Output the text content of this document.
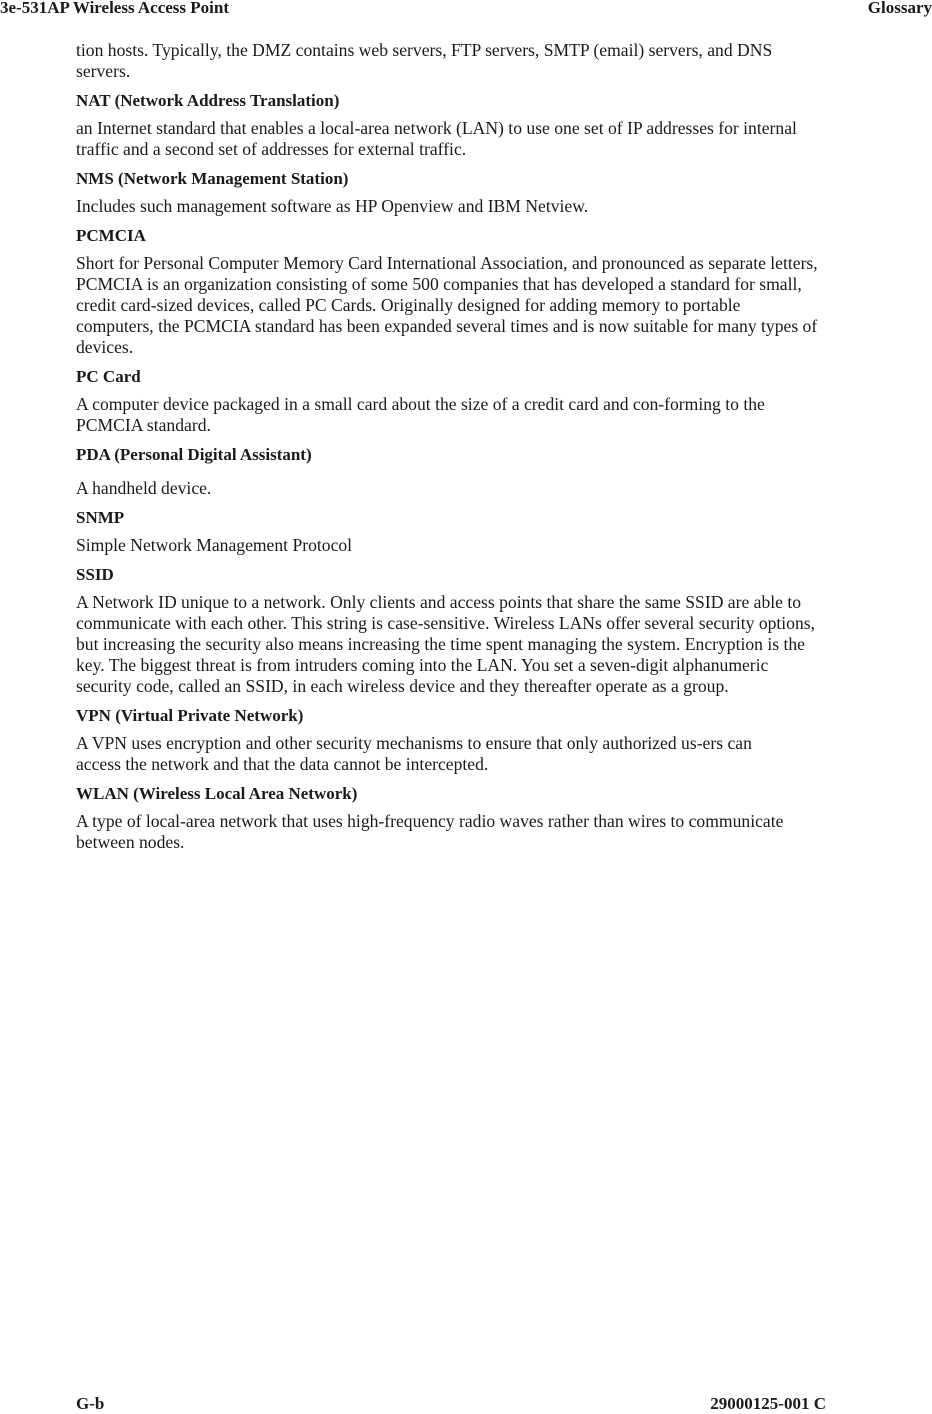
3e-531AP Wireless Access Point	Glossary

tion hosts. Typically, the DMZ contains web servers, FTP servers, SMTP (email) servers, and DNS servers.

NAT (Network Address Translation)

an Internet standard that enables a local-area network (LAN) to use one set of IP addresses for internal traffic and a second set of addresses for external traffic.

NMS (Network Management Station)

Includes such management software as HP Openview and IBM Netview.

PCMCIA

Short for Personal Computer Memory Card International Association, and pronounced as separate letters, PCMCIA is an organization consisting of some 500 companies that has developed a standard for small, credit card-sized devices, called PC Cards. Originally designed for adding memory to portable computers, the PCMCIA standard has been expanded several times and is now suitable for many types of devices.

PC Card

A computer device packaged in a small card about the size of a credit card and con-forming to the PCMCIA standard.

PDA (Personal Digital Assistant)

A handheld device.

SNMP

Simple Network Management Protocol

SSID

A Network ID unique to a network. Only clients and access points that share the same SSID are able to communicate with each other. This string is case-sensitive. Wireless LANs offer several security options, but increasing the security also means increasing the time spent managing the system. Encryption is the key. The biggest threat is from intruders coming into the LAN. You set a seven-digit alphanumeric security code, called an SSID, in each wireless device and they thereafter operate as a group.

VPN (Virtual Private Network)

A VPN uses encryption and other security mechanisms to ensure that only authorized us-ers can access the network and that the data cannot be intercepted.

WLAN (Wireless Local Area Network)

A type of local-area network that uses high-frequency radio waves rather than wires to communicate between nodes.

G-b	29000125-001 C
